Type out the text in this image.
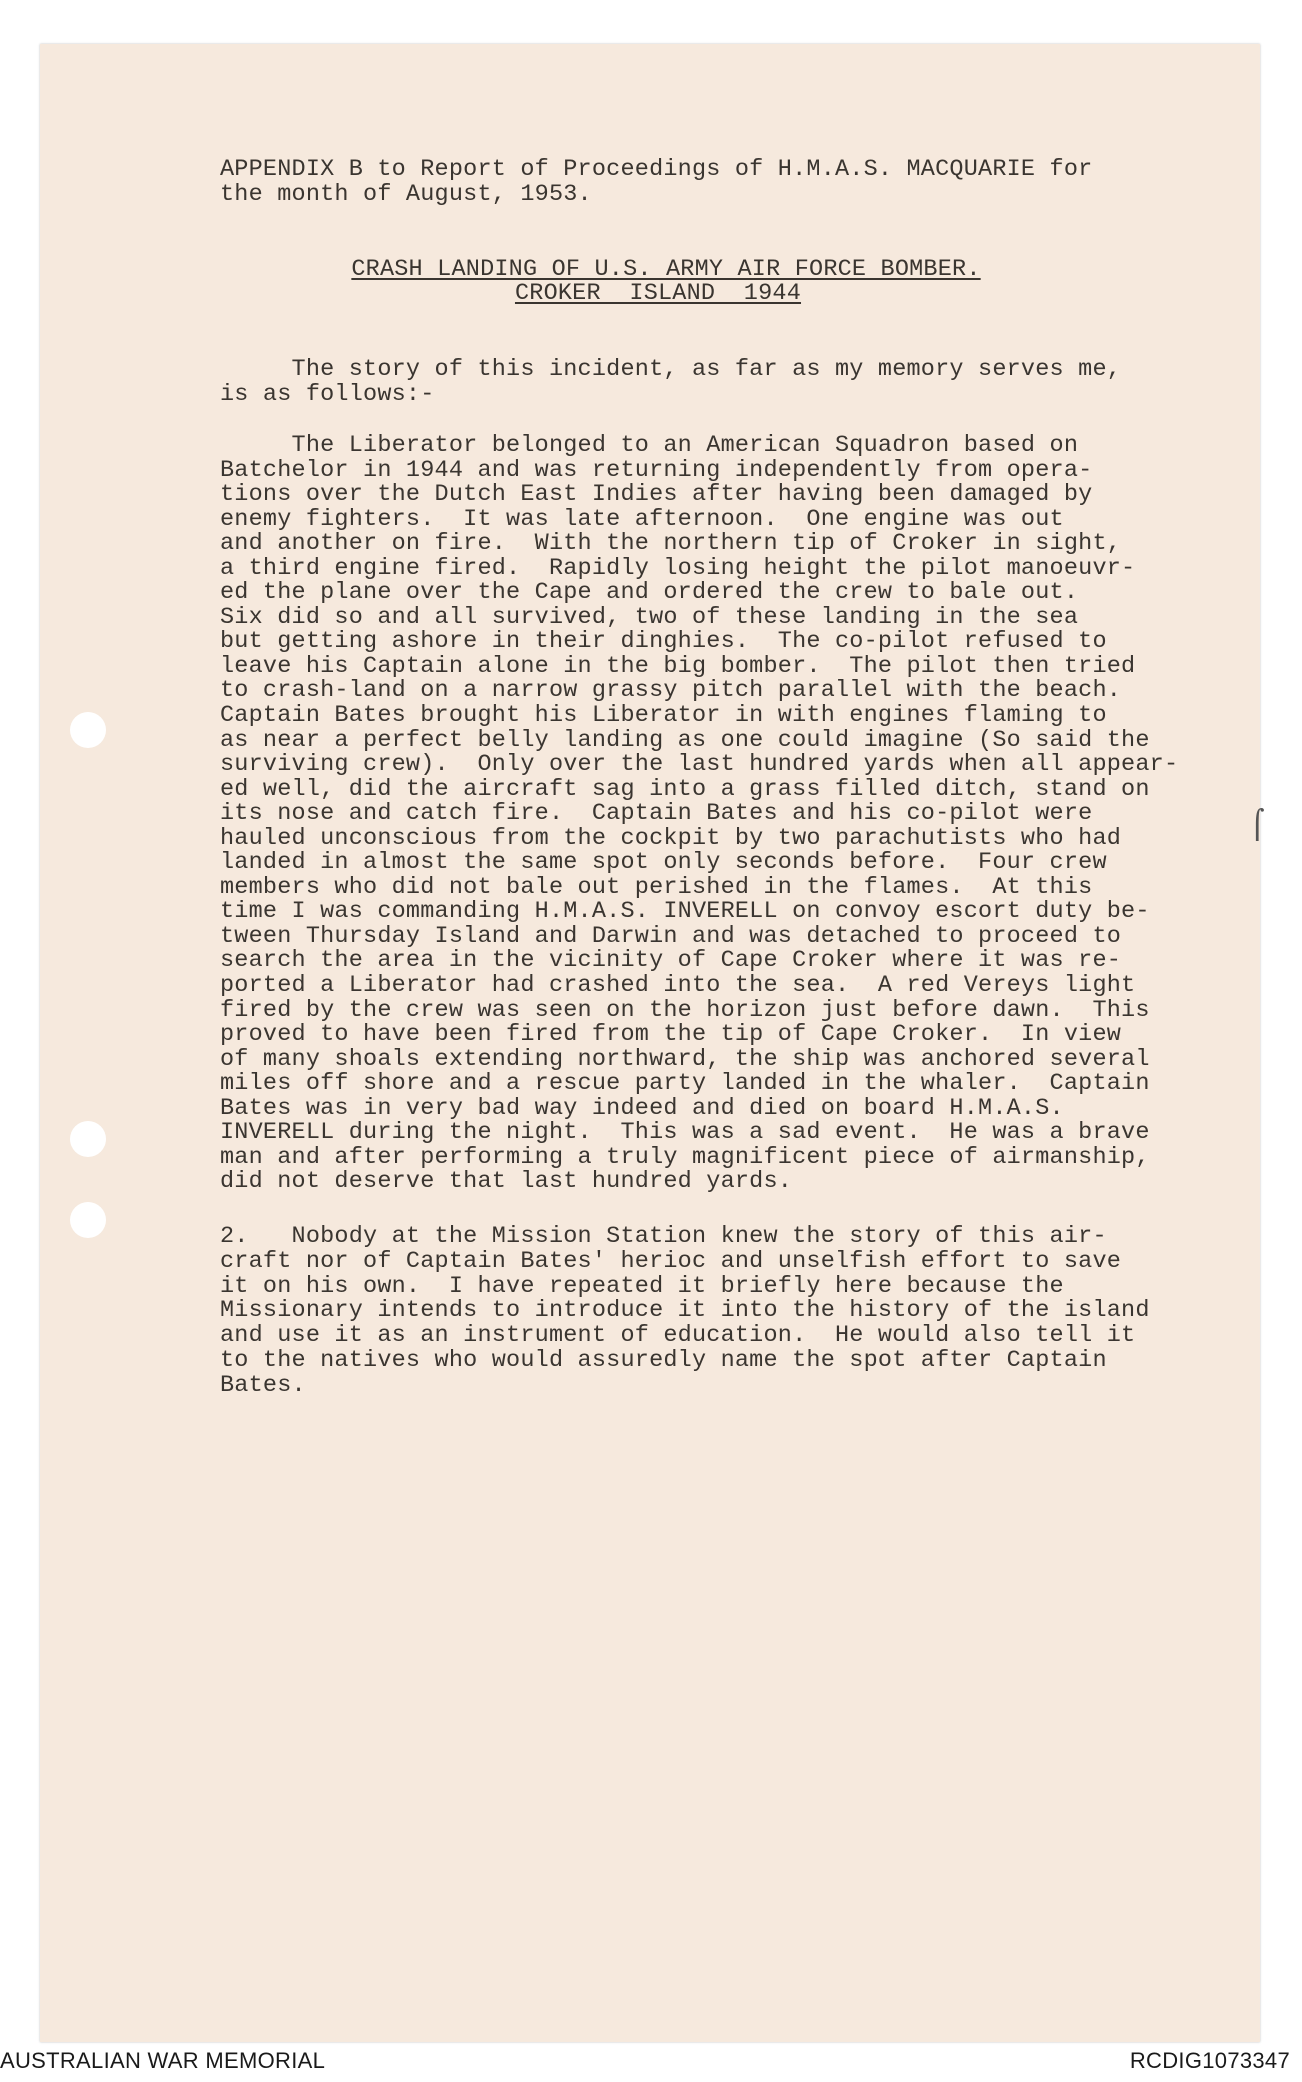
⌠
APPENDIX B to Report of Proceedings of H.M.A.S. MACQUARIE for
the month of August, 1953.
CRASH LANDING OF U.S. ARMY AIR FORCE BOMBER.
CROKER  ISLAND  1944
The story of this incident, as far as my memory serves me,
is as follows:-
The Liberator belonged to an American Squadron based on
Batchelor in 1944 and was returning independently from opera-
tions over the Dutch East Indies after having been damaged by
enemy fighters.  It was late afternoon.  One engine was out
and another on fire.  With the northern tip of Croker in sight,
a third engine fired.  Rapidly losing height the pilot manoeuvr-
ed the plane over the Cape and ordered the crew to bale out.
Six did so and all survived, two of these landing in the sea
but getting ashore in their dinghies.  The co-pilot refused to
leave his Captain alone in the big bomber.  The pilot then tried
to crash-land on a narrow grassy pitch parallel with the beach.
Captain Bates brought his Liberator in with engines flaming to
as near a perfect belly landing as one could imagine (So said the
surviving crew).  Only over the last hundred yards when all appear-
ed well, did the aircraft sag into a grass filled ditch, stand on
its nose and catch fire.  Captain Bates and his co-pilot were
hauled unconscious from the cockpit by two parachutists who had
landed in almost the same spot only seconds before.  Four crew
members who did not bale out perished in the flames.  At this
time I was commanding H.M.A.S. INVERELL on convoy escort duty be-
tween Thursday Island and Darwin and was detached to proceed to
search the area in the vicinity of Cape Croker where it was re-
ported a Liberator had crashed into the sea.  A red Vereys light
fired by the crew was seen on the horizon just before dawn.  This
proved to have been fired from the tip of Cape Croker.  In view
of many shoals extending northward, the ship was anchored several
miles off shore and a rescue party landed in the whaler.  Captain
Bates was in very bad way indeed and died on board H.M.A.S.
INVERELL during the night.  This was a sad event.  He was a brave
man and after performing a truly magnificent piece of airmanship,
did not deserve that last hundred yards.
2.   Nobody at the Mission Station knew the story of this air-
craft nor of Captain Bates' herioc and unselfish effort to save
it on his own.  I have repeated it briefly here because the
Missionary intends to introduce it into the history of the island
and use it as an instrument of education.  He would also tell it
to the natives who would assuredly name the spot after Captain
Bates.
AUSTRALIAN WAR MEMORIAL	RCDIG1073347
